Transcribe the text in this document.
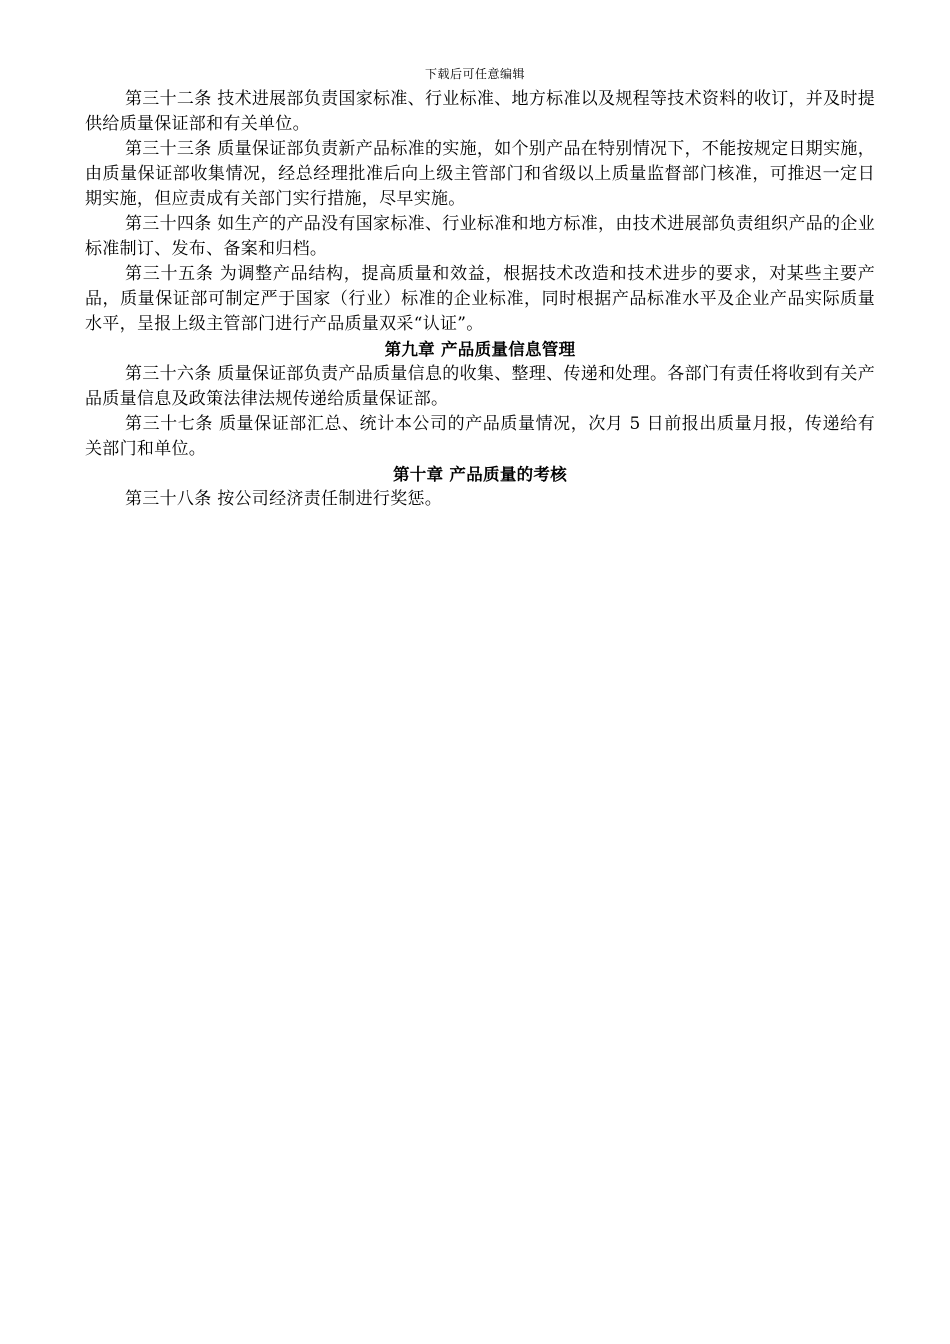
下载后可任意编辑

第三十二条 技术进展部负责国家标准、行业标准、地方标准以及规程等技术资料的收订，并及时提供给质量保证部和有关单位。

第三十三条 质量保证部负责新产品标准的实施，如个别产品在特别情况下，不能按规定日期实施，由质量保证部收集情况，经总经理批准后向上级主管部门和省级以上质量监督部门核准，可推迟一定日期实施，但应责成有关部门实行措施，尽早实施。

第三十四条 如生产的产品没有国家标准、行业标准和地方标准，由技术进展部负责组织产品的企业标准制订、发布、备案和归档。

第三十五条 为调整产品结构，提高质量和效益，根据技术改造和技术进步的要求，对某些主要产品，质量保证部可制定严于国家（行业）标准的企业标准，同时根据产品标准水平及企业产品实际质量水平，呈报上级主管部门进行产品质量双采“认证”。

第九章 产品质量信息管理

第三十六条 质量保证部负责产品质量信息的收集、整理、传递和处理。各部门有责任将收到有关产品质量信息及政策法律法规传递给质量保证部。

第三十七条 质量保证部汇总、统计本公司的产品质量情况，次月 5 日前报出质量月报，传递给有关部门和单位。

第十章 产品质量的考核

第三十八条 按公司经济责任制进行奖惩。
